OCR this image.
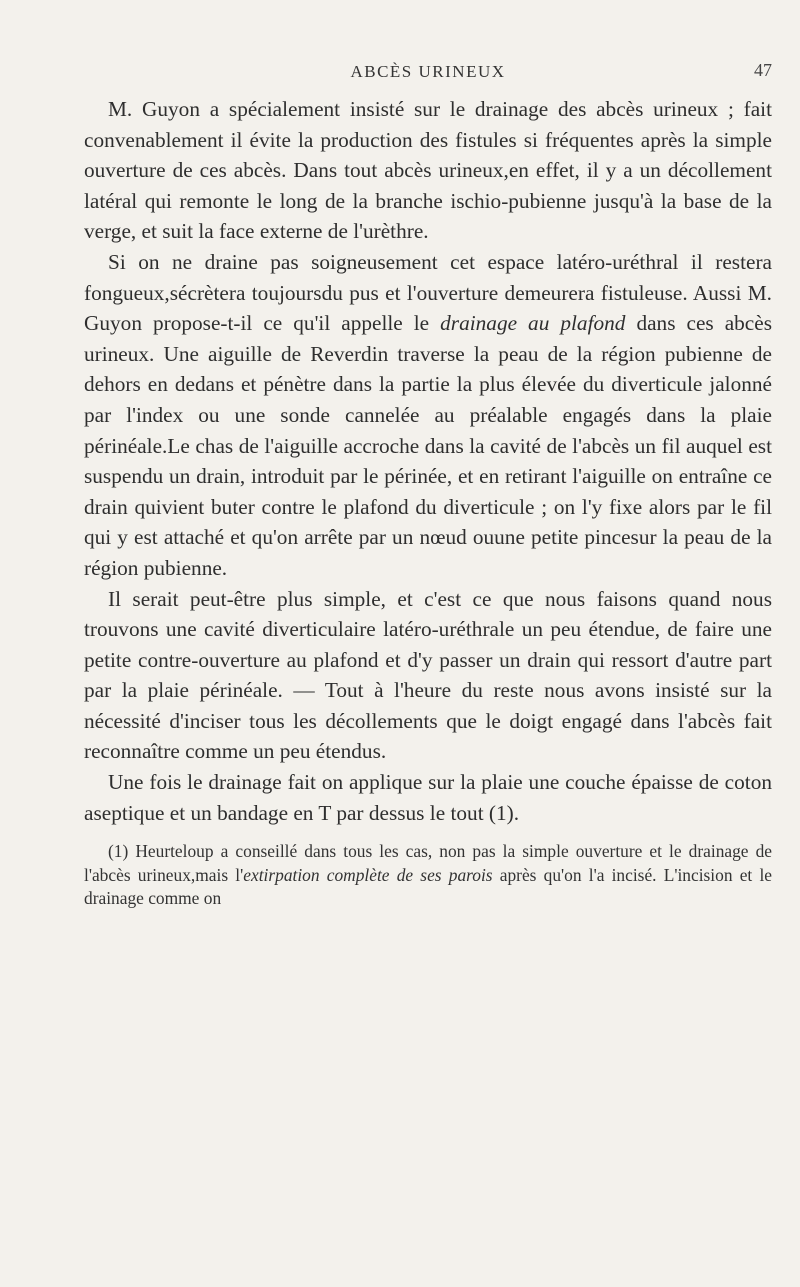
ABCÈS URINEUX	47

M. Guyon a spécialement insisté sur le drainage des abcès urineux ; fait convenablement il évite la production des fistules si fréquentes après la simple ouverture de ces abcès. Dans tout abcès urineux,en effet, il y a un décollement latéral qui remonte le long de la branche ischio-pubienne jusqu'à la base de la verge, et suit la face externe de l'urèthre.

Si on ne draine pas soigneusement cet espace latéro-uréthral il restera fongueux,sécrètera toujoursdu pus et l'ouverture demeurera fistuleuse. Aussi M. Guyon propose-t-il ce qu'il appelle le drainage au plafond dans ces abcès urineux. Une aiguille de Reverdin traverse la peau de la région pubienne de dehors en dedans et pénètre dans la partie la plus élevée du diverticule jalonné par l'index ou une sonde cannelée au préalable engagés dans la plaie périnéale.Le chas de l'aiguille accroche dans la cavité de l'abcès un fil auquel est suspendu un drain, introduit par le périnée, et en retirant l'aiguille on entraîne ce drain quivient buter contre le plafond du diverticule ; on l'y fixe alors par le fil qui y est attaché et qu'on arrête par un nœud ouune petite pincesur la peau de la région pubienne.

Il serait peut-être plus simple, et c'est ce que nous faisons quand nous trouvons une cavité diverticulaire latéro-uréthrale un peu étendue, de faire une petite contre-ouverture au plafond et d'y passer un drain qui ressort d'autre part par la plaie périnéale. — Tout à l'heure du reste nous avons insisté sur la nécessité d'inciser tous les décollements que le doigt engagé dans l'abcès fait reconnaître comme un peu étendus.

Une fois le drainage fait on applique sur la plaie une couche épaisse de coton aseptique et un bandage en T par dessus le tout (1).

(1) Heurteloup a conseillé dans tous les cas, non pas la simple ouverture et le drainage de l'abcès urineux,mais l'extirpation complète de ses parois après qu'on l'a incisé. L'incision et le drainage comme on
